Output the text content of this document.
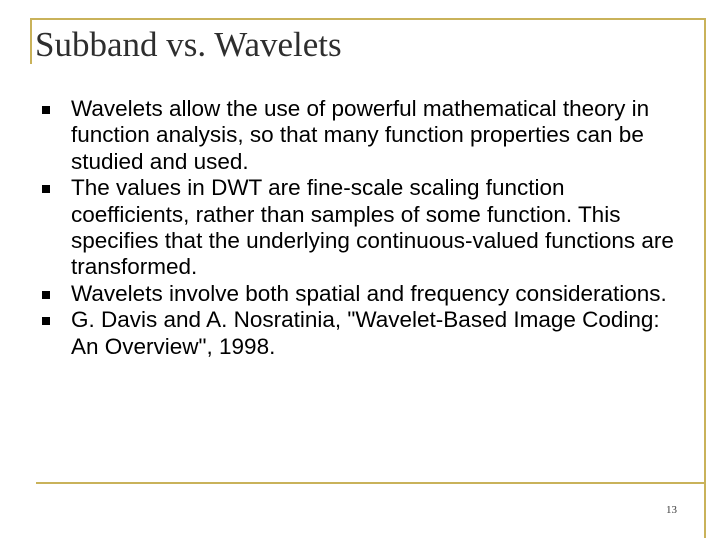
Subband vs. Wavelets
Wavelets allow the use of powerful mathematical theory in function analysis, so that many function properties can be studied and used.
The values in DWT are fine-scale scaling function coefficients, rather than samples of some function. This specifies that the underlying continuous-valued functions are transformed.
Wavelets involve both spatial and frequency considerations.
G. Davis and A. Nosratinia, "Wavelet-Based Image Coding: An Overview", 1998.
13
